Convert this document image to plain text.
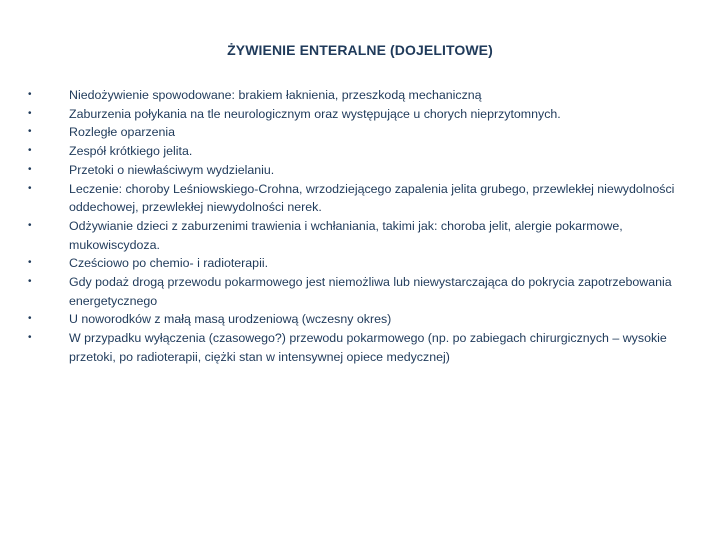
ŻYWIENIE ENTERALNE (DOJELITOWE)
•	Niedożywienie spowodowane: brakiem łaknienia, przeszkodą mechaniczną
•	Zaburzenia połykania na tle neurologicznym oraz występujące u chorych nieprzytomnych.
•	Rozległe oparzenia
•	Zespół krótkiego jelita.
•	Przetoki o niewłaściwym wydzielaniu.
•	Leczenie: choroby Leśniowskiego-Crohna, wrzodziejącego zapalenia jelita grubego, przewlekłej niewydolności oddechowej, przewlekłej niewydolności nerek.
•	Odżywianie dzieci z zaburzenimi trawienia i wchłaniania, takimi jak: choroba jelit, alergie pokarmowe, mukowiscydoza.
•	Cześciowo po chemio- i radioterapii.
•	Gdy podaż drogą przewodu pokarmowego jest niemożliwa lub niewystarczająca do pokrycia zapotrzebowania energetycznego
•	U noworodków z małą masą urodzeniową (wczesny okres)
•	W przypadku wyłączenia (czasowego?) przewodu pokarmowego (np. po zabiegach chirurgicznych – wysokie przetoki, po radioterapii, ciężki stan w intensywnej opiece medycznej)
